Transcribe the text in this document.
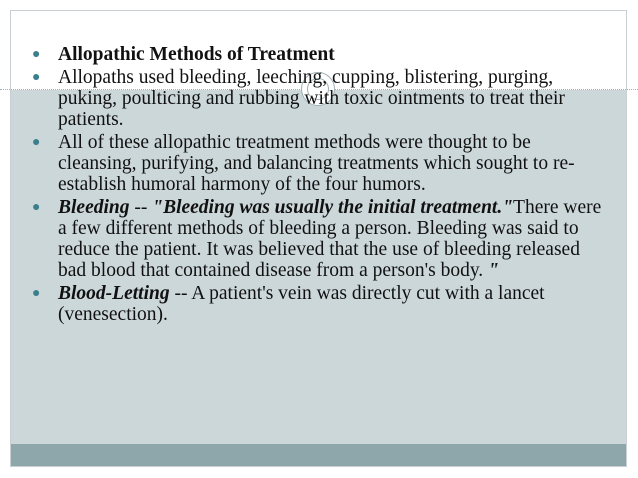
● Allopathic Methods of Treatment
● Allopaths used bleeding, leeching, cupping, blistering, purging, puking, poulticing and rubbing with toxic ointments to treat their patients.
● All of these allopathic treatment methods were thought to be cleansing, purifying, and balancing treatments which sought to re-establish humoral harmony of the four humors.
● Bleeding -- "Bleeding was usually the initial treatment."There were a few different methods of bleeding a person. Bleeding was said to reduce the patient. It was believed that the use of bleeding released bad blood that contained disease from a person's body. "
● Blood-Letting -- A patient's vein was directly cut with a lancet (venesection).
